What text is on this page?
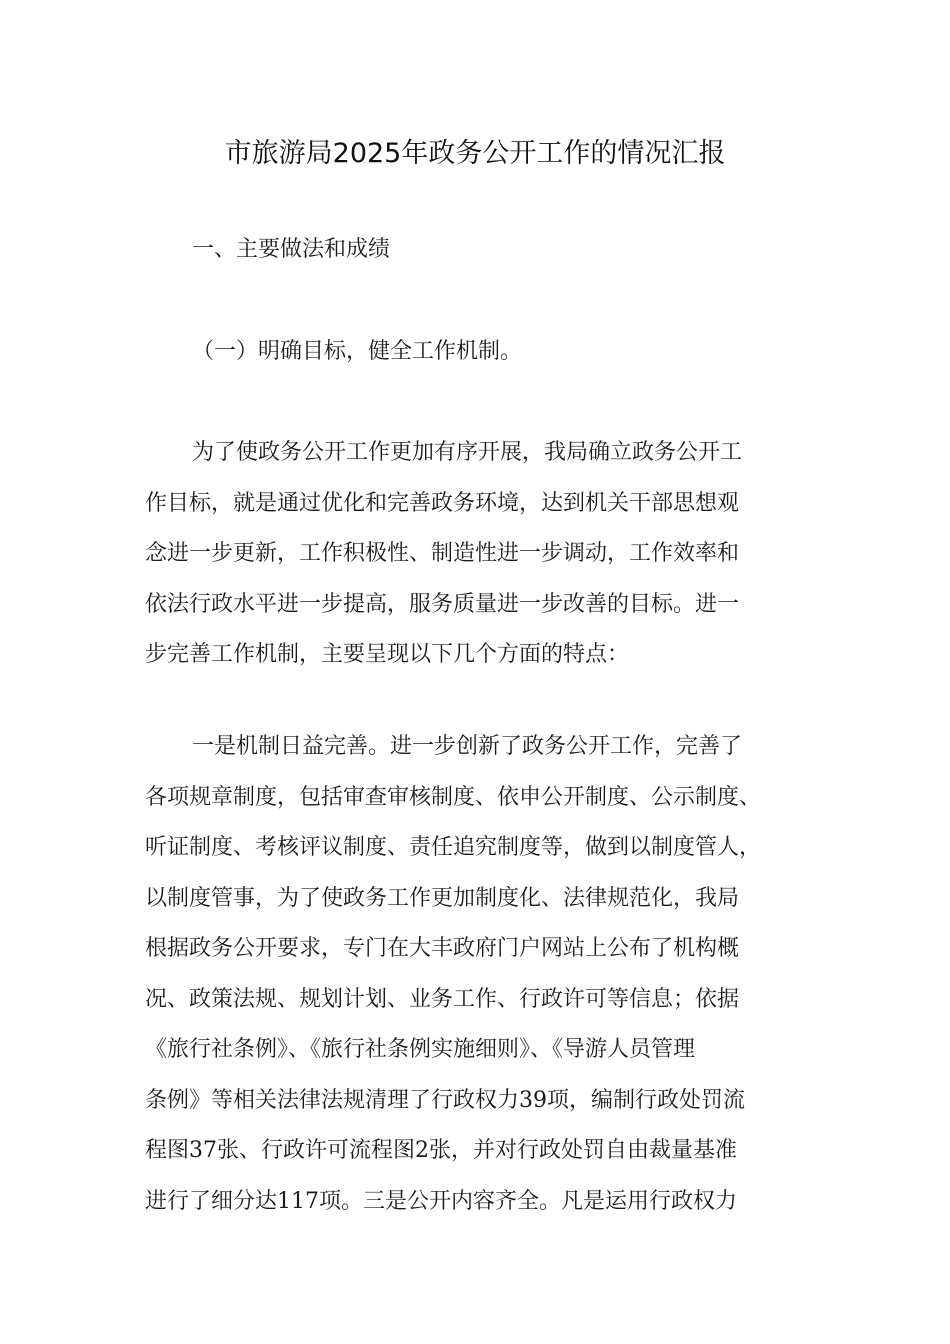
市旅游局2025年政务公开工作的情况汇报

一、主要做法和成绩

（一）明确目标，健全工作机制。

为了使政务公开工作更加有序开展，我局确立政务公开工
作目标，就是通过优化和完善政务环境，达到机关干部思想观
念进一步更新，工作积极性、制造性进一步调动，工作效率和
依法行政水平进一步提高，服务质量进一步改善的目标。进一
步完善工作机制，主要呈现以下几个方面的特点：
一是机制日益完善。进一步创新了政务公开工作，完善了
各项规章制度，包括审查审核制度、依申公开制度、公示制度、
听证制度、考核评议制度、责任追究制度等，做到以制度管人，
以制度管事，为了使政务工作更加制度化、法律规范化，我局
根据政务公开要求，专门在大丰政府门户网站上公布了机构概
况、政策法规、规划计划、业务工作、行政许可等信息；依据
《旅行社条例》、《旅行社条例实施细则》、《导游人员管理
条例》等相关法律法规清理了行政权力39项，编制行政处罚流
程图37张、行政许可流程图2张，并对行政处罚自由裁量基准
进行了细分达117项。三是公开内容齐全。凡是运用行政权力
